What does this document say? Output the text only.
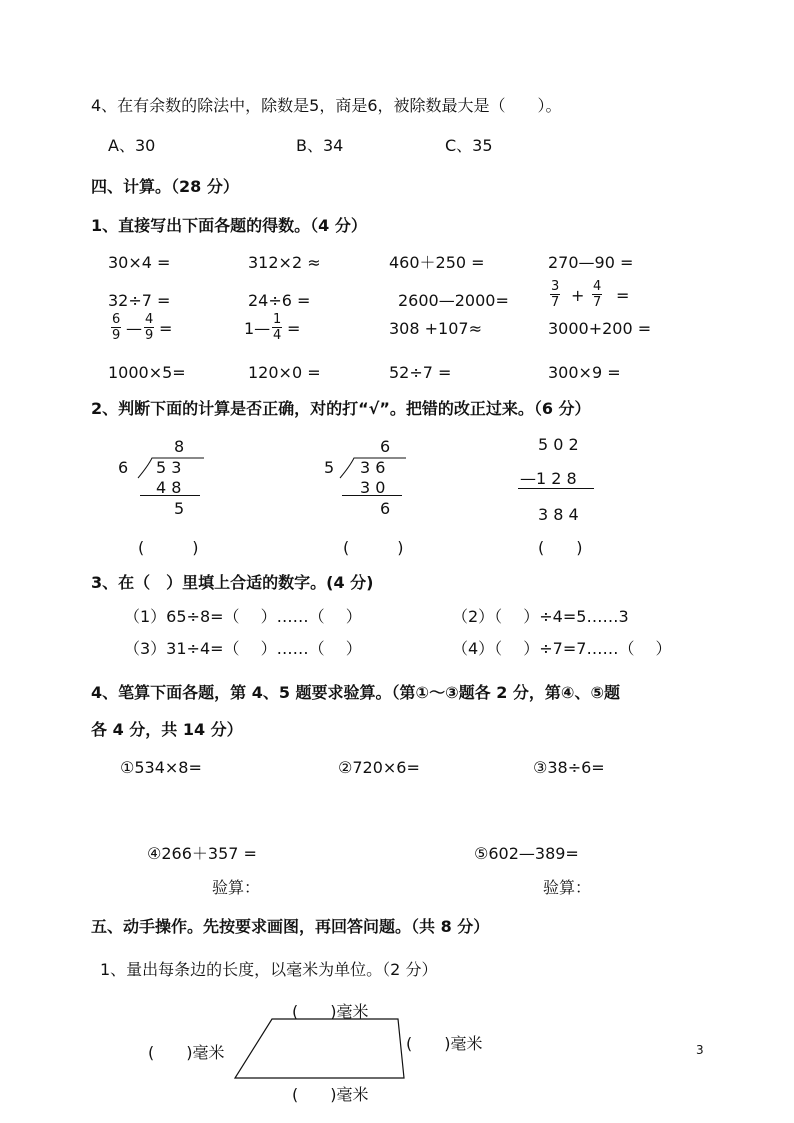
4、在有余数的除法中，除数是5，商是6，被除数最大是（　　）。
A、30	B、34	C、35
四、计算。（28 分）
1、直接写出下面各题的得数。（4 分）
30×4 =	312×2 ≈	460＋250 =	270—90 =
32÷7 =	24÷6 =	2600—2000=	$\frac{3}{7} + \frac{4}{7}$ =
$\frac{6}{9}$ — $\frac{4}{9}$ =	1— $\frac{1}{4}$ =	308 +107≈	3000+200 =
1000×5=	120×0 =	52÷7 =	300×9 =
2、判断下面的计算是否正确，对的打“√”。把错的改正过来。（6 分）
8
6 5 3
4 8
5
6
5 3 6
3 0
6
5 0 2
—1 2 8
3 8 4
(　　　)	(　　　)	(　　)
3、在（　）里填上合适的数字。(4 分)
（1）65÷8=（　 ）……（　 ）	（2）（　 ）÷4=5……3
（3）31÷4=（　 ）……（　 ）	（4）（　 ）÷7=7……（　 ）
4、笔算下面各题，第 4、5 题要求验算。（第①～③题各 2 分，第④、⑤题
各 4 分，共 14 分）
①534×8=	②720×6=	③38÷6=
④266＋357 =	⑤602—389=
验算：	验算：
五、动手操作。先按要求画图，再回答问题。（共 8 分）
1、量出每条边的长度，以毫米为单位。（2 分）
(　　)毫米
(　　)毫米	(　　)毫米
(　　)毫米
3
